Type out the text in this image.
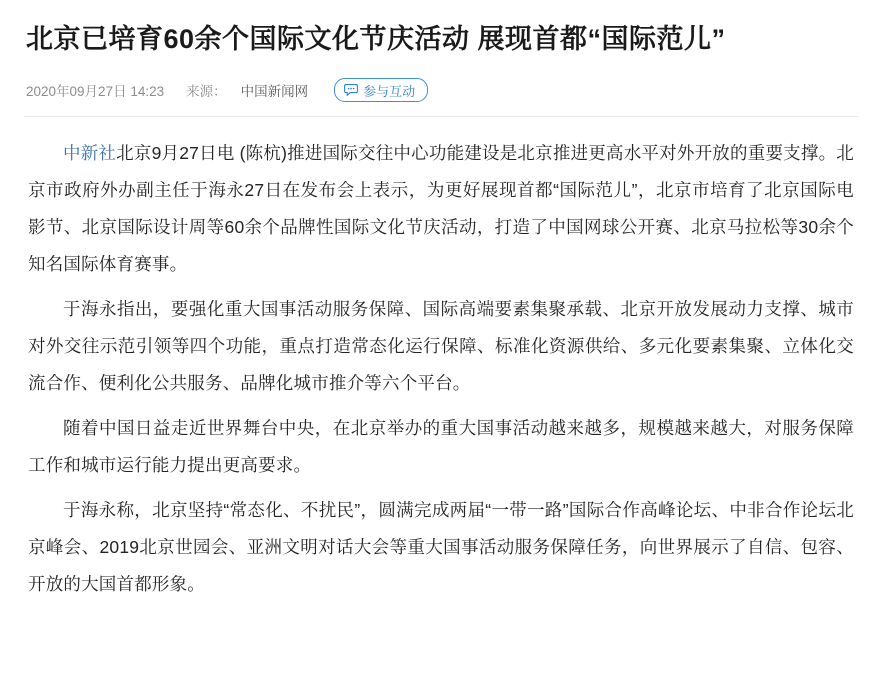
北京已培育60余个国际文化节庆活动 展现首都“国际范儿”
2020年09月27日 14:23 来源： 中国新闻网	参与互动

中新社北京9月27日电 (陈杭)推进国际交往中心功能建设是北京推进更高水平对外开放的重要支撑。北京市政府外办副主任于海永27日在发布会上表示，为更好展现首都“国际范儿”，北京市培育了北京国际电影节、北京国际设计周等60余个品牌性国际文化节庆活动，打造了中国网球公开赛、北京马拉松等30余个知名国际体育赛事。

于海永指出，要强化重大国事活动服务保障、国际高端要素集聚承载、北京开放发展动力支撑、城市对外交往示范引领等四个功能，重点打造常态化运行保障、标准化资源供给、多元化要素集聚、立体化交流合作、便利化公共服务、品牌化城市推介等六个平台。

随着中国日益走近世界舞台中央，在北京举办的重大国事活动越来越多，规模越来越大，对服务保障工作和城市运行能力提出更高要求。

于海永称，北京坚持“常态化、不扰民”，圆满完成两届“一带一路”国际合作高峰论坛、中非合作论坛北京峰会、2019北京世园会、亚洲文明对话大会等重大国事活动服务保障任务，向世界展示了自信、包容、开放的大国首都形象。
